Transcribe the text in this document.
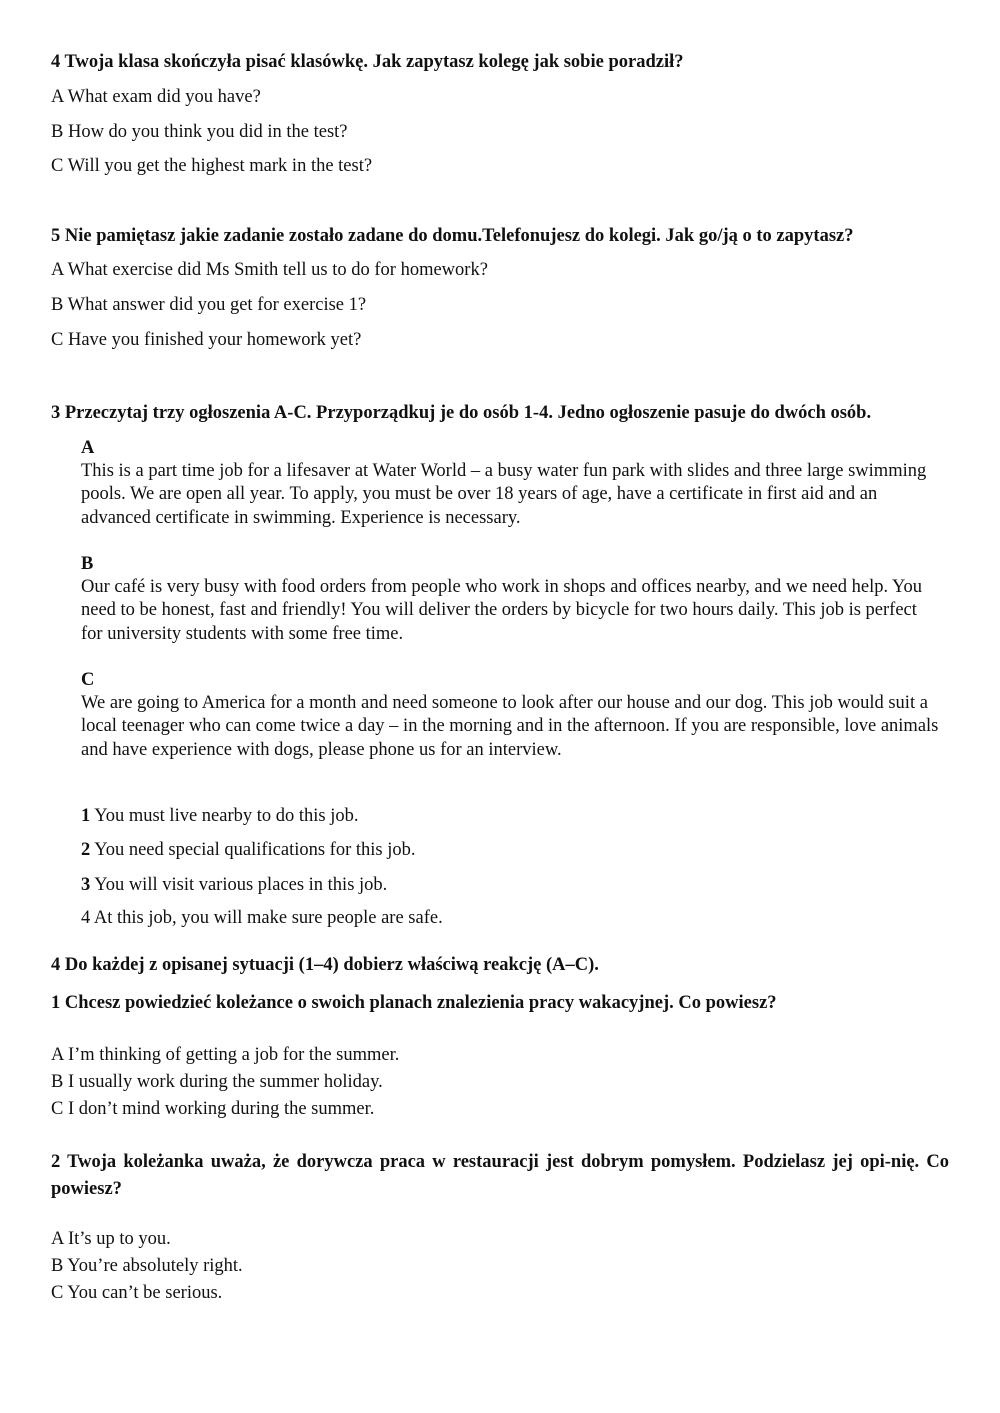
4 Twoja klasa skończyła pisać klasówkę. Jak zapytasz kolegę jak sobie poradził?
A What exam did you have?
B How do you think you did in the test?
C Will you get the highest mark in the test?
5 Nie pamiętasz jakie zadanie zostało zadane do domu.Telefonujesz do kolegi. Jak go/ją o to zapytasz?
A What exercise did Ms Smith tell us to do for homework?
B What answer did you get for exercise 1?
C Have you finished your homework yet?
3 Przeczytaj trzy ogłoszenia A-C. Przyporządkuj je do osób 1-4. Jedno ogłoszenie pasuje do dwóch osób.
A
This is a part time job for a lifesaver at Water World – a busy water fun park with slides and three large swimming pools. We are open all year. To apply, you must be over 18 years of age, have a certificate in first aid and an advanced certificate in swimming. Experience is necessary.
B
Our café is very busy with food orders from people who work in shops and offices nearby, and we need help. You need to be honest, fast and friendly! You will deliver the orders by bicycle for two hours daily. This job is perfect for university students with some free time.
C
We are going to America for a month and need someone to look after our house and our dog. This job would suit a local teenager who can come twice a day – in the morning and in the afternoon. If you are responsible, love animals and have experience with dogs, please phone us for an interview.
1 You must live nearby to do this job.
2 You need special qualifications for this job.
3 You will visit various places in this job.
4 At this job, you will make sure people are safe.
4 Do każdej z opisanej sytuacji (1–4) dobierz właściwą reakcję (A–C).
1 Chcesz powiedzieć koleżance o swoich planach znalezienia pracy wakacyjnej. Co powiesz?
A I’m thinking of getting a job for the summer.
B I usually work during the summer holiday.
C I don’t mind working during the summer.
2 Twoja koleżanka uważa, że dorywcza praca w restauracji jest dobrym pomysłem. Podzielasz jej opi-nię. Co powiesz?
A It’s up to you.
B You’re absolutely right.
C You can’t be serious.
